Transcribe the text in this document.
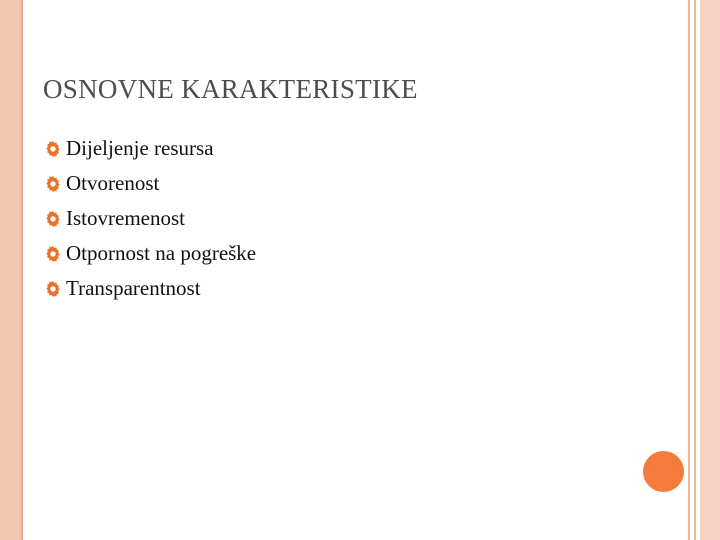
OSNOVNE KARAKTERISTIKE
Dijeljenje resursa
Otvorenost
Istovremenost
Otpornost na pogreške
Transparentnost
